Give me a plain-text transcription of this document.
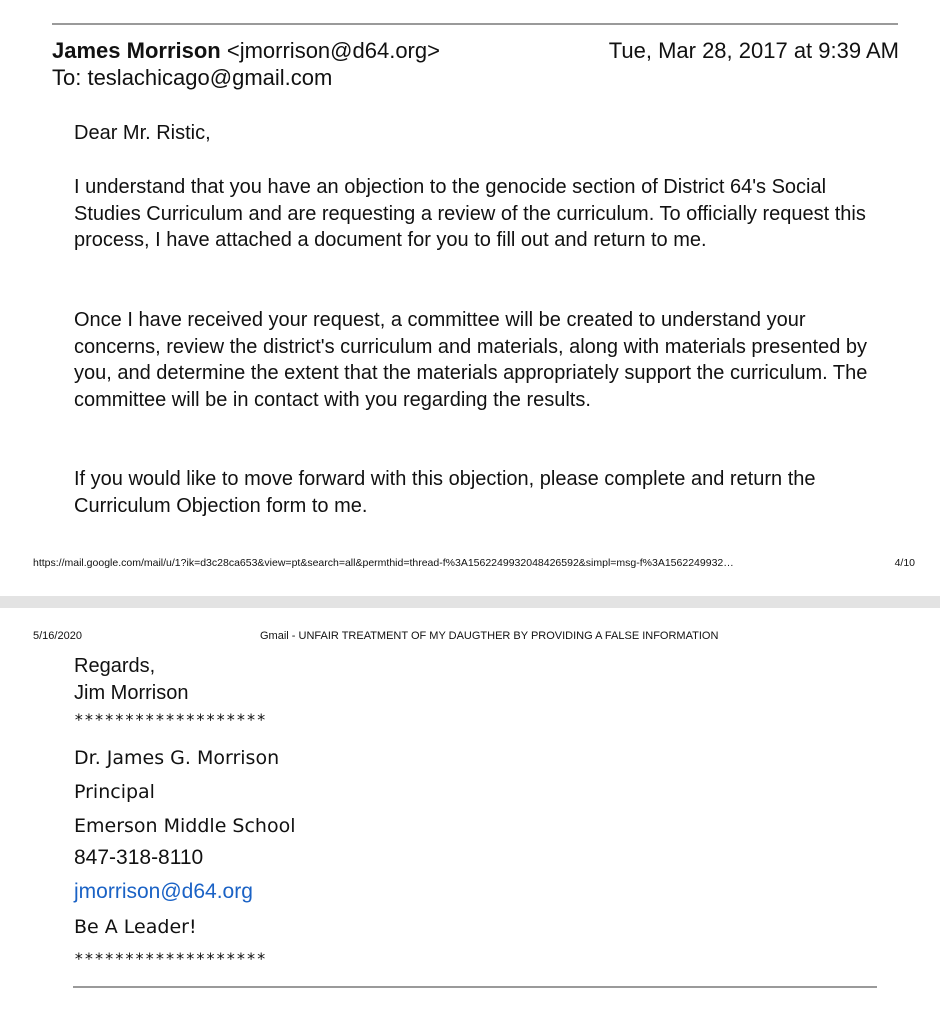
James Morrison <jmorrison@d64.org>	Tue, Mar 28, 2017 at 9:39 AM
To: teslachicago@gmail.com
Dear Mr. Ristic,

I understand that you have an objection to the genocide section of District 64's Social Studies Curriculum and are requesting a review of the curriculum. To officially request this process, I have attached a document for you to fill out and return to me.

Once I have received your request, a committee will be created to understand your concerns, review the district's curriculum and materials, along with materials presented by you, and determine the extent that the materials appropriately support the curriculum. The committee will be in contact with you regarding the results.

If you would like to move forward with this objection, please complete and return the Curriculum Objection form to me.

https://mail.google.com/mail/u/1?ik=d3c28ca653&view=pt&search=all&permthid=thread-f%3A1562249932048426592&simpl=msg-f%3A1562249932…	4/10
5/16/2020	Gmail - UNFAIR TREATMENT OF MY DAUGTHER BY PROVIDING A FALSE INFORMATION
Regards,
Jim Morrison
*******************
Dr. James G. Morrison
Principal
Emerson Middle School
847-318-8110
jmorrison@d64.org
Be A Leader!
*******************
